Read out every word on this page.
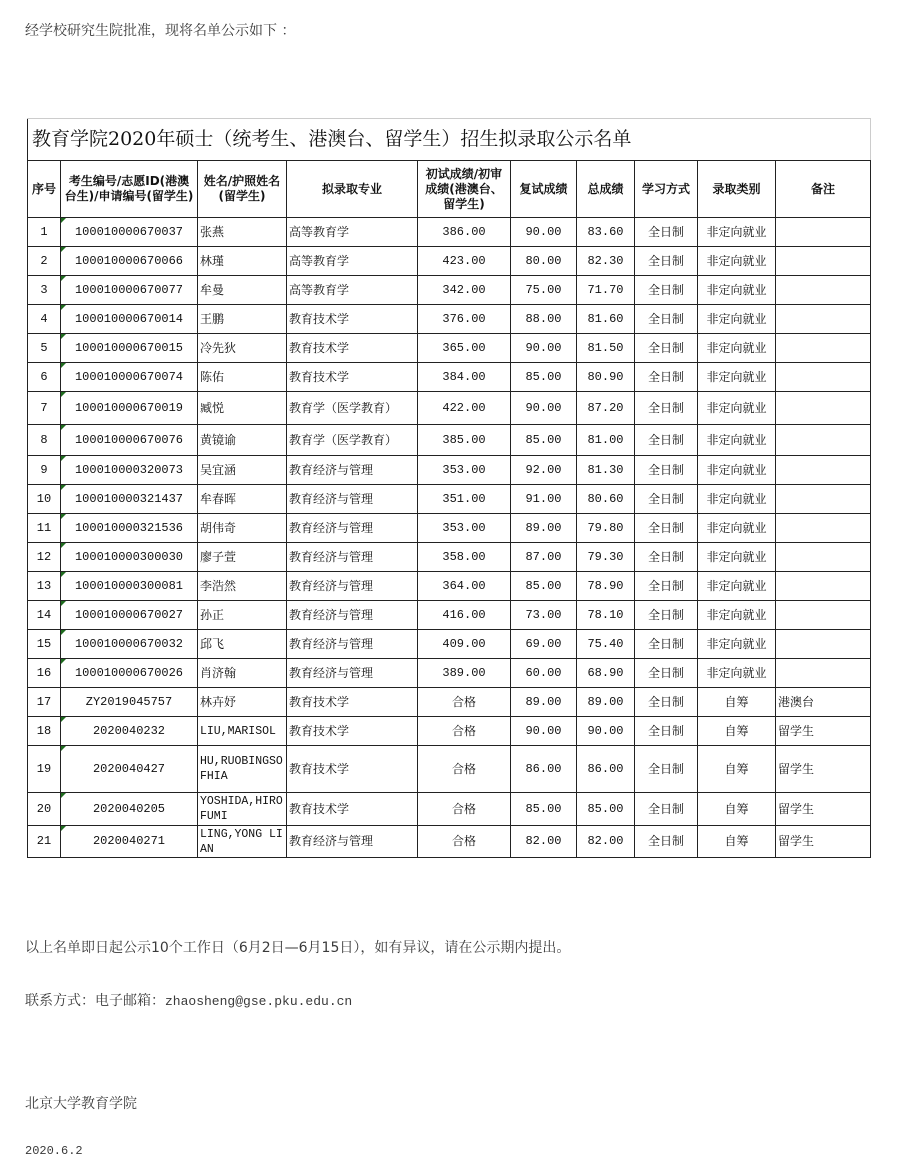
经学校研究生院批准，现将名单公示如下 ：
教育学院2020年硕士（统考生、港澳台、留学生）招生拟录取公示名单									
序号	考生编号/志愿ID(港澳台生)/申请编号(留学生)	姓名/护照姓名(留学生)	拟录取专业	初试成绩/初审成绩(港澳台、留学生)	复试成绩	总成绩	学习方式	录取类别	备注
1	100010000670037	张燕	高等教育学	386.00	90.00	83.60	全日制	非定向就业	
2	100010000670066	林瑾	高等教育学	423.00	80.00	82.30	全日制	非定向就业	
3	100010000670077	牟曼	高等教育学	342.00	75.00	71.70	全日制	非定向就业	
4	100010000670014	王鹏	教育技术学	376.00	88.00	81.60	全日制	非定向就业	
5	100010000670015	冷先狄	教育技术学	365.00	90.00	81.50	全日制	非定向就业	
6	100010000670074	陈佑	教育技术学	384.00	85.00	80.90	全日制	非定向就业	
7	100010000670019	臧悦	教育学（医学教育）	422.00	90.00	87.20	全日制	非定向就业	
8	100010000670076	黄镜谕	教育学（医学教育）	385.00	85.00	81.00	全日制	非定向就业	
9	100010000320073	吴宜涵	教育经济与管理	353.00	92.00	81.30	全日制	非定向就业	
10	100010000321437	牟春晖	教育经济与管理	351.00	91.00	80.60	全日制	非定向就业	
11	100010000321536	胡伟奇	教育经济与管理	353.00	89.00	79.80	全日制	非定向就业	
12	100010000300030	廖子萱	教育经济与管理	358.00	87.00	79.30	全日制	非定向就业	
13	100010000300081	李浩然	教育经济与管理	364.00	85.00	78.90	全日制	非定向就业	
14	100010000670027	孙正	教育经济与管理	416.00	73.00	78.10	全日制	非定向就业	
15	100010000670032	邱飞	教育经济与管理	409.00	69.00	75.40	全日制	非定向就业	
16	100010000670026	肖济翰	教育经济与管理	389.00	60.00	68.90	全日制	非定向就业	
17	ZY2019045757	林卉妤	教育技术学	合格	89.00	89.00	全日制	自筹	港澳台
18	2020040232	LIU,MARISOL	教育技术学	合格	90.00	90.00	全日制	自筹	留学生
19	2020040427	HU,RUOBINGSOFHIA	教育技术学	合格	86.00	86.00	全日制	自筹	留学生
20	2020040205	YOSHIDA,HIROFUMI	教育技术学	合格	85.00	85.00	全日制	自筹	留学生
21	2020040271	LING,YONG LIAN	教育经济与管理	合格	82.00	82.00	全日制	自筹	留学生
以上名单即日起公示10个工作日（6月2日—6月15日），如有异议，请在公示期内提出。
联系方式：电子邮箱：zhaosheng@gse.pku.edu.cn
北京大学教育学院
2020.6.2
